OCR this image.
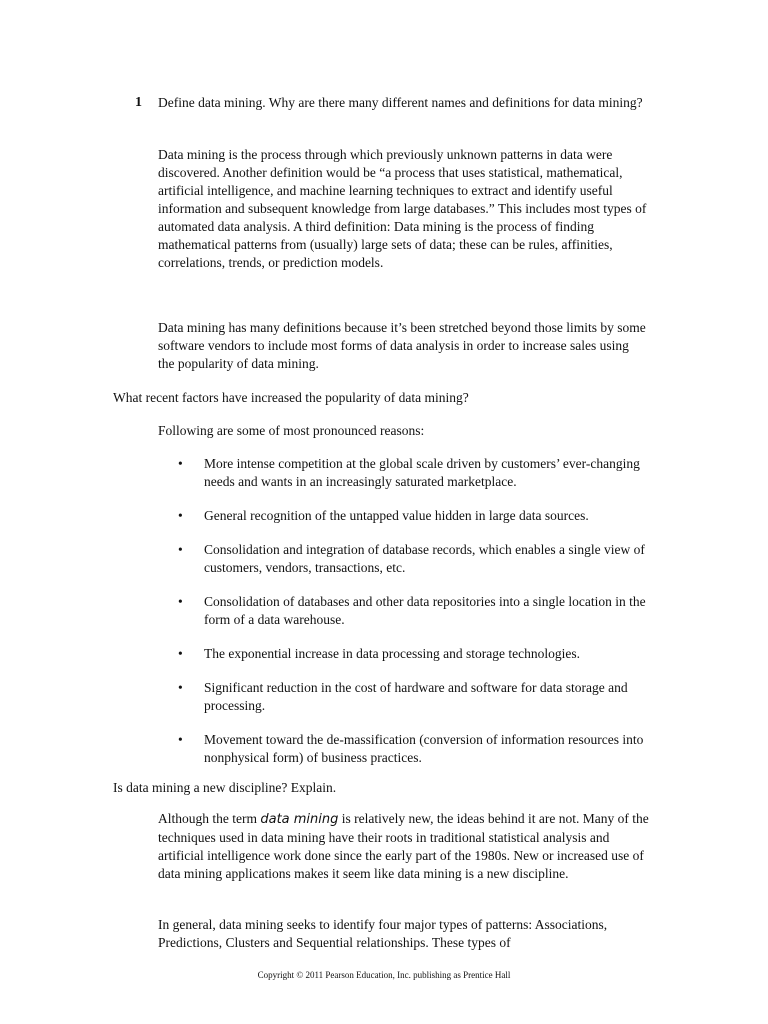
1 Define data mining. Why are there many different names and definitions for data mining?

Data mining is the process through which previously unknown patterns in data were discovered. Another definition would be “a process that uses statistical, mathematical, artificial intelligence, and machine learning techniques to extract and identify useful information and subsequent knowledge from large databases.” This includes most types of automated data analysis. A third definition: Data mining is the process of finding mathematical patterns from (usually) large sets of data; these can be rules, affinities, correlations, trends, or prediction models.

Data mining has many definitions because it’s been stretched beyond those limits by some software vendors to include most forms of data analysis in order to increase sales using the popularity of data mining.

What recent factors have increased the popularity of data mining?

Following are some of most pronounced reasons:

• More intense competition at the global scale driven by customers’ ever-changing needs and wants in an increasingly saturated marketplace.
• General recognition of the untapped value hidden in large data sources.
• Consolidation and integration of database records, which enables a single view of customers, vendors, transactions, etc.
• Consolidation of databases and other data repositories into a single location in the form of a data warehouse.
• The exponential increase in data processing and storage technologies.
• Significant reduction in the cost of hardware and software for data storage and processing.
• Movement toward the de-massification (conversion of information resources into nonphysical form) of business practices.

Is data mining a new discipline? Explain.

Although the term data mining is relatively new, the ideas behind it are not. Many of the techniques used in data mining have their roots in traditional statistical analysis and artificial intelligence work done since the early part of the 1980s. New or increased use of data mining applications makes it seem like data mining is a new discipline.

In general, data mining seeks to identify four major types of patterns: Associations, Predictions, Clusters and Sequential relationships. These types of

Copyright © 2011 Pearson Education, Inc. publishing as Prentice Hall
